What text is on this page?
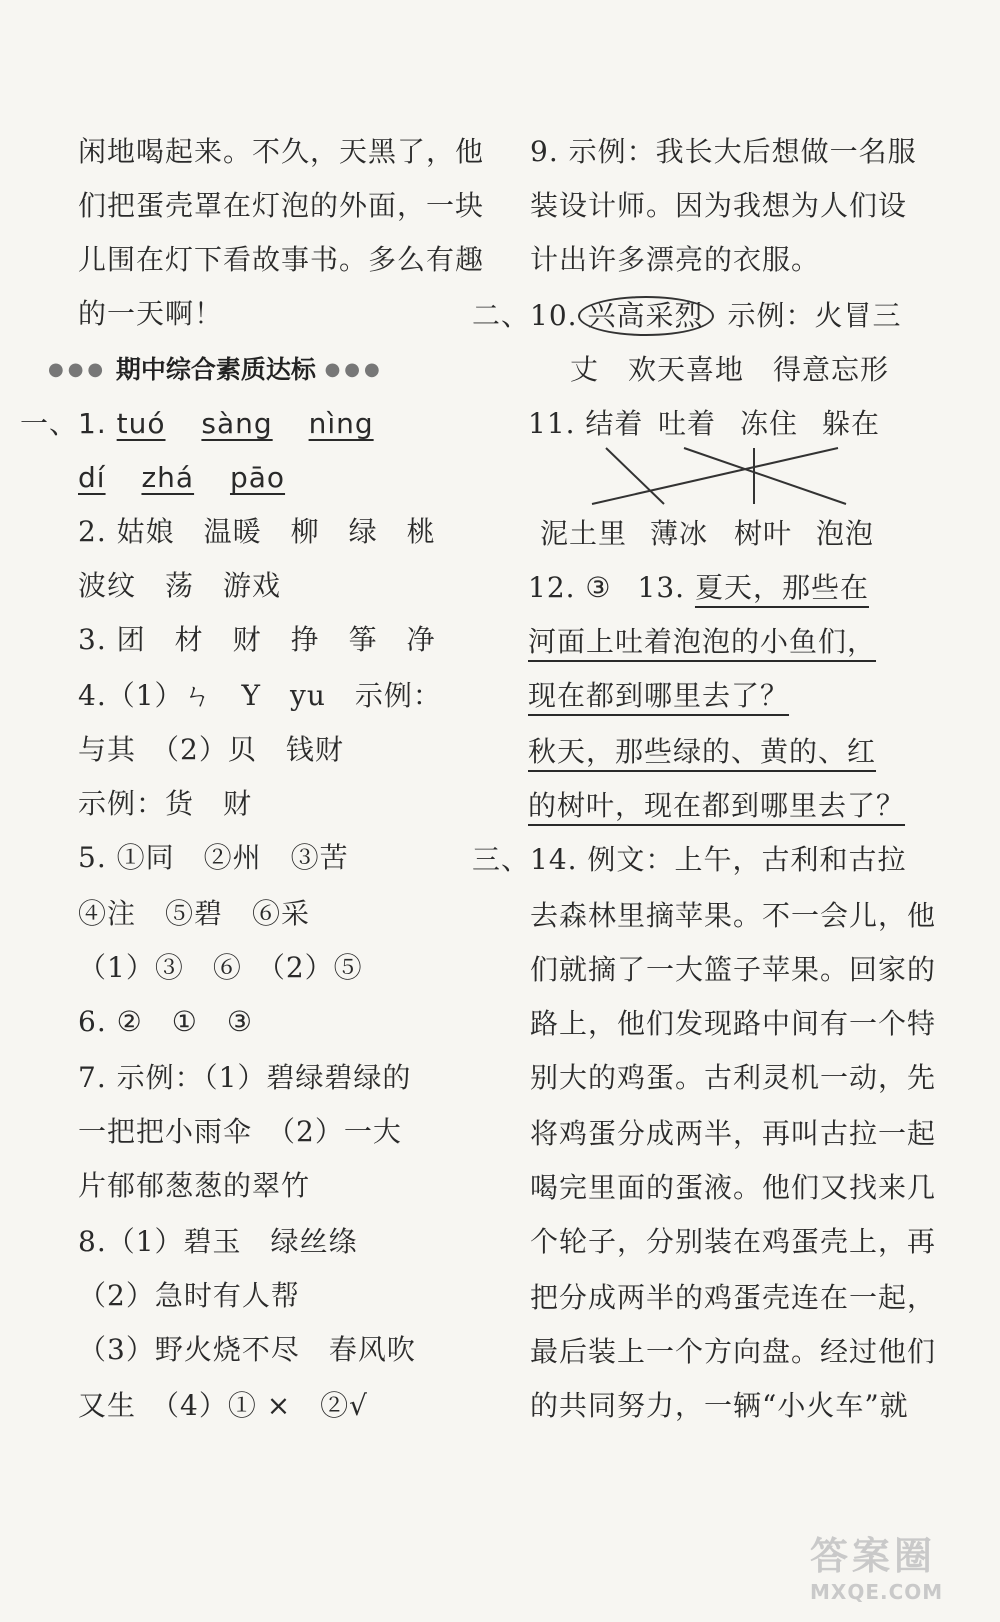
闲地喝起来。不久，天黑了，他
们把蛋壳罩在灯泡的外面，一块
儿围在灯下看故事书。多么有趣
的一天啊！
●●● 期中综合素质达标 ●●●
一、1. tuó sàng nìng
dí zhá pāo
2. 姑娘　温暖　柳　绿　桃
波纹　荡　游戏
3. 团　材　财　挣　筝　净
4.（1）ㄣ　Y　yu　示例：
与其　（2）贝　钱财
示例：货　财
5. ①同　②州　③苦
④注　⑤碧　⑥采
（1）③　⑥　（2）⑤
6. ②　①　③
7. 示例：（1）碧绿碧绿的
一把把小雨伞　（2）一大
片郁郁葱葱的翠竹
8.（1）碧玉　绿丝绦
（2）急时有人帮
（3）野火烧不尽　春风吹
又生　（4）① ×　②√
9. 示例：我长大后想做一名服
装设计师。因为我想为人们设
计出许多漂亮的衣服。
二、10. 兴高采烈 示例：火冒三
丈　欢天喜地　得意忘形
11. 结着 吐着 冻住 躲在
泥土里 薄冰 树叶 泡泡
12. ③ 13. 夏天，那些在
河面上吐着泡泡的小鱼们，
现在都到哪里去了？
秋天，那些绿的、黄的、红
的树叶，现在都到哪里去了？
三、14. 例文：上午，古利和古拉
去森林里摘苹果。不一会儿，他
们就摘了一大篮子苹果。回家的
路上，他们发现路中间有一个特
别大的鸡蛋。古利灵机一动，先
将鸡蛋分成两半，再叫古拉一起
喝完里面的蛋液。他们又找来几
个轮子，分别装在鸡蛋壳上，再
把分成两半的鸡蛋壳连在一起，
最后装上一个方向盘。经过他们
的共同努力，一辆“小火车”就
答案圈
MXQE.COM
